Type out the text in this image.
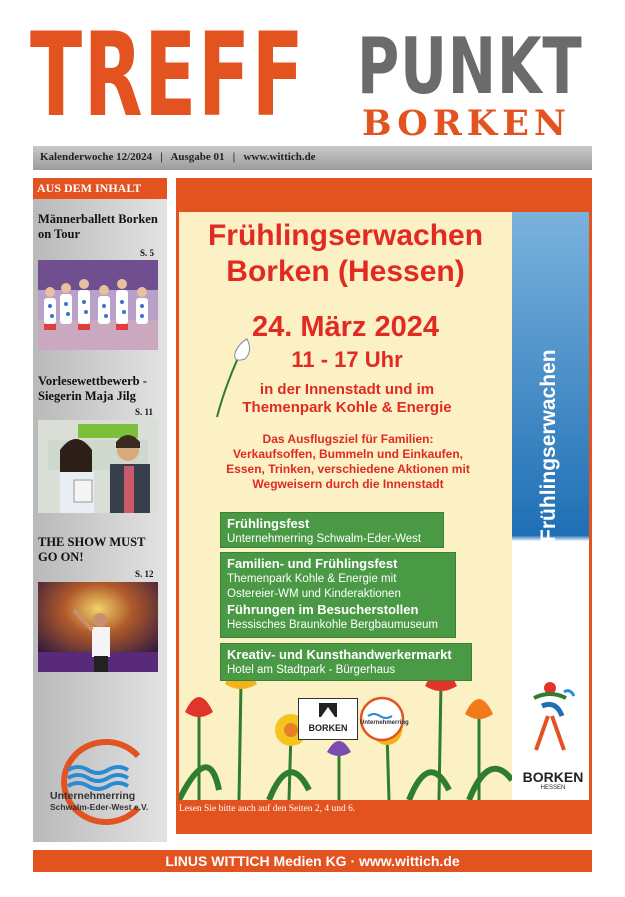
TREFF PUNKT
BORKEN
Kalenderwoche 12/2024   |   Ausgabe 01   |   www.wittich.de
AUS DEM INHALT
Männerballett Borken on Tour
S. 5
Vorlesewettbewerb - Siegerin Maja Jilg
S. 11
THE SHOW MUST GO ON!
S. 12
Unternehmerring
Schwalm-Eder-West e.V.
Frühlingserwachen
Borken (Hessen)
24. März 2024
11 - 17 Uhr
in der Innenstadt und im
Themenpark Kohle & Energie
Das Ausflugsziel für Familien:
Verkaufsoffen, Bummeln und Einkaufen,
Essen, Trinken, verschiedene Aktionen mit
Wegweisern durch die Innenstadt
Frühlingsfest
Unternehmerring Schwalm-Eder-West
Familien- und Frühlingsfest
Themenpark Kohle & Energie mit
Ostereier-WM und Kinderaktionen
Führungen im Besucherstollen
Hessisches Braunkohle Bergbaumuseum
Kreativ- und Kunsthandwerkermarkt
Hotel am Stadtpark - Bürgerhaus
BORKEN	Unternehmerring
Borkener Frühlingserwachen
BORKEN
HESSEN
Lesen Sie bitte auch auf den Seiten 2, 4 und 6.
LINUS WITTICH Medien KG · www.wittich.de
